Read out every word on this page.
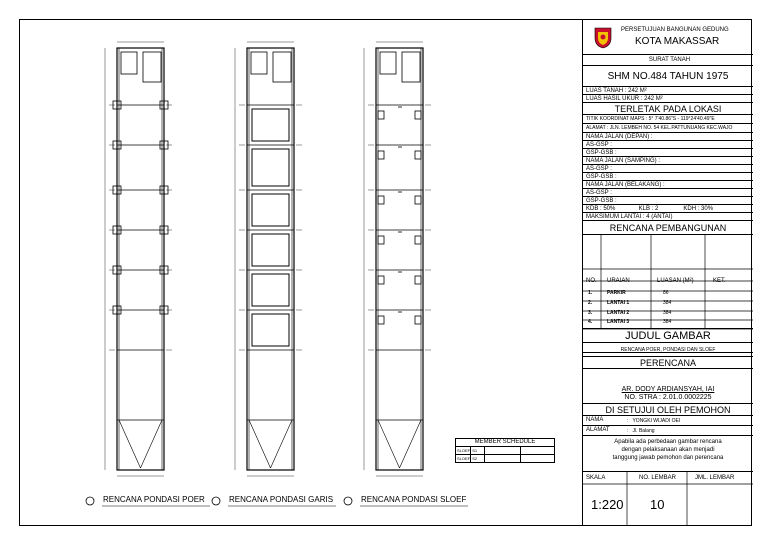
RENCANA PONDASI POER	RENCANA PONDASI GARIS	RENCANA PONDASI SLOEF
MEMBER SCHEDULE
SLOEF S1
SLOEF S2
PERSETUJUAN BANGUNAN GEDUNG
KOTA MAKASSAR
SURAT TANAH
SHM NO.484 TAHUN 1975
LUAS TANAH : 242 M²
LUAS HASIL UKUR : 242 M²
TERLETAK PADA LOKASI
TITIK KOORDINAT MAPS : 5° 7'40.86"S - 119°24'40.49"E
ALAMAT : JLN. LEMBEH NO. 54 KEL.PATTUNUANG KEC.WAJO
NAMA JALAN (DEPAN) :
AS-GSP :
GSP-GSB :
NAMA JALAN (SAMPING) :
AS-GSP :
GSP-GSB :
NAMA JALAN (BELAKANG) :
AS-GSP :
GSP-GSB :
KDB : 50%              KLB : 2               KDH : 30%
MAKSIMUM LANTAI : 4 (ANTAI)
RENCANA PEMBANGUNAN
NO. URAIAN	LUASAN (M²)	KET.
1.	PARKIR	86
2.	LANTAI 1	384
3.	LANTAI 2	384
4.	LANTAI 3	384
JUDUL GAMBAR
RENCANA POER, PONDASI DAN SLOEF
PERENCANA
AR. DODY ARDIANSYAH, IAI
NO. STRA : 2.01.0.0002225
DI SETUJUI OLEH PEMOHON
NAMA	:   YONGKI WIJADI OEI
ALAMAT	:   Jl. Balang
Apabila ada perbedaan gambar rencana
dengan pelaksanaan akan menjadi
tanggung jawab pemohon dan perencana
SKALA	NO. LEMBAR	JML. LEMBAR
1:220 10
